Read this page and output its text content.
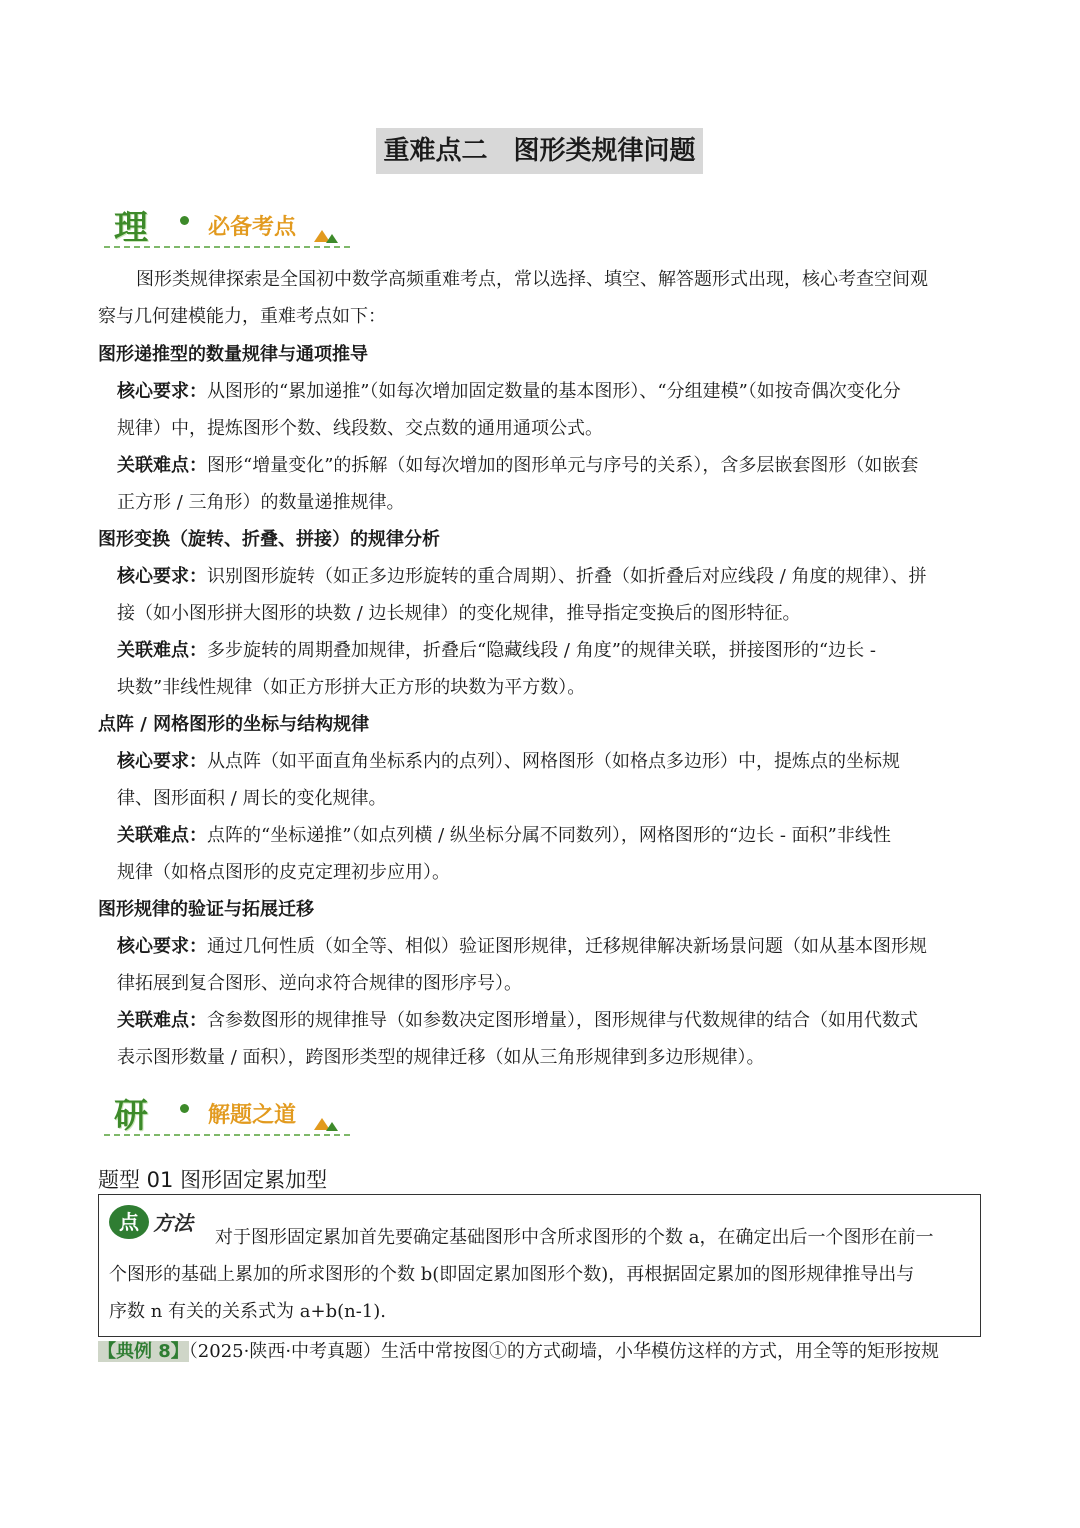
重难点二　图形类规律问题
理	必备考点
图形类规律探索是全国初中数学高频重难考点，常以选择、填空、解答题形式出现，核心考查空间观
察与几何建模能力，重难考点如下：
图形递推型的数量规律与通项推导
核心要求：从图形的“累加递推”（如每次增加固定数量的基本图形）、“分组建模”（如按奇偶次变化分
规律）中，提炼图形个数、线段数、交点数的通用通项公式。
关联难点：图形“增量变化”的拆解（如每次增加的图形单元与序号的关系），含多层嵌套图形（如嵌套
正方形 / 三角形）的数量递推规律。
图形变换（旋转、折叠、拼接）的规律分析
核心要求：识别图形旋转（如正多边形旋转的重合周期）、折叠（如折叠后对应线段 / 角度的规律）、拼
接（如小图形拼大图形的块数 / 边长规律）的变化规律，推导指定变换后的图形特征。
关联难点：多步旋转的周期叠加规律，折叠后“隐藏线段 / 角度”的规律关联，拼接图形的“边长 -
块数”非线性规律（如正方形拼大正方形的块数为平方数）。
点阵 / 网格图形的坐标与结构规律
核心要求：从点阵（如平面直角坐标系内的点列）、网格图形（如格点多边形）中，提炼点的坐标规
律、图形面积 / 周长的变化规律。
关联难点：点阵的“坐标递推”（如点列横 / 纵坐标分属不同数列），网格图形的“边长 - 面积”非线性
规律（如格点图形的皮克定理初步应用）。
图形规律的验证与拓展迁移
核心要求：通过几何性质（如全等、相似）验证图形规律，迁移规律解决新场景问题（如从基本图形规
律拓展到复合图形、逆向求符合规律的图形序号）。
关联难点：含参数图形的规律推导（如参数决定图形增量），图形规律与代数规律的结合（如用代数式
表示图形数量 / 面积），跨图形类型的规律迁移（如从三角形规律到多边形规律）。
研	解题之道
题型 01 图形固定累加型
点 方法
对于图形固定累加首先要确定基础图形中含所求图形的个数 a，在确定出后一个图形在前一
个图形的基础上累加的所求图形的个数 b(即固定累加图形个数)，再根据固定累加的图形规律推导出与
序数 n 有关的关系式为 a+b(n-1).
【典例 8】（2025·陕西·中考真题）生活中常按图①的方式砌墙，小华模仿这样的方式，用全等的矩形按规
